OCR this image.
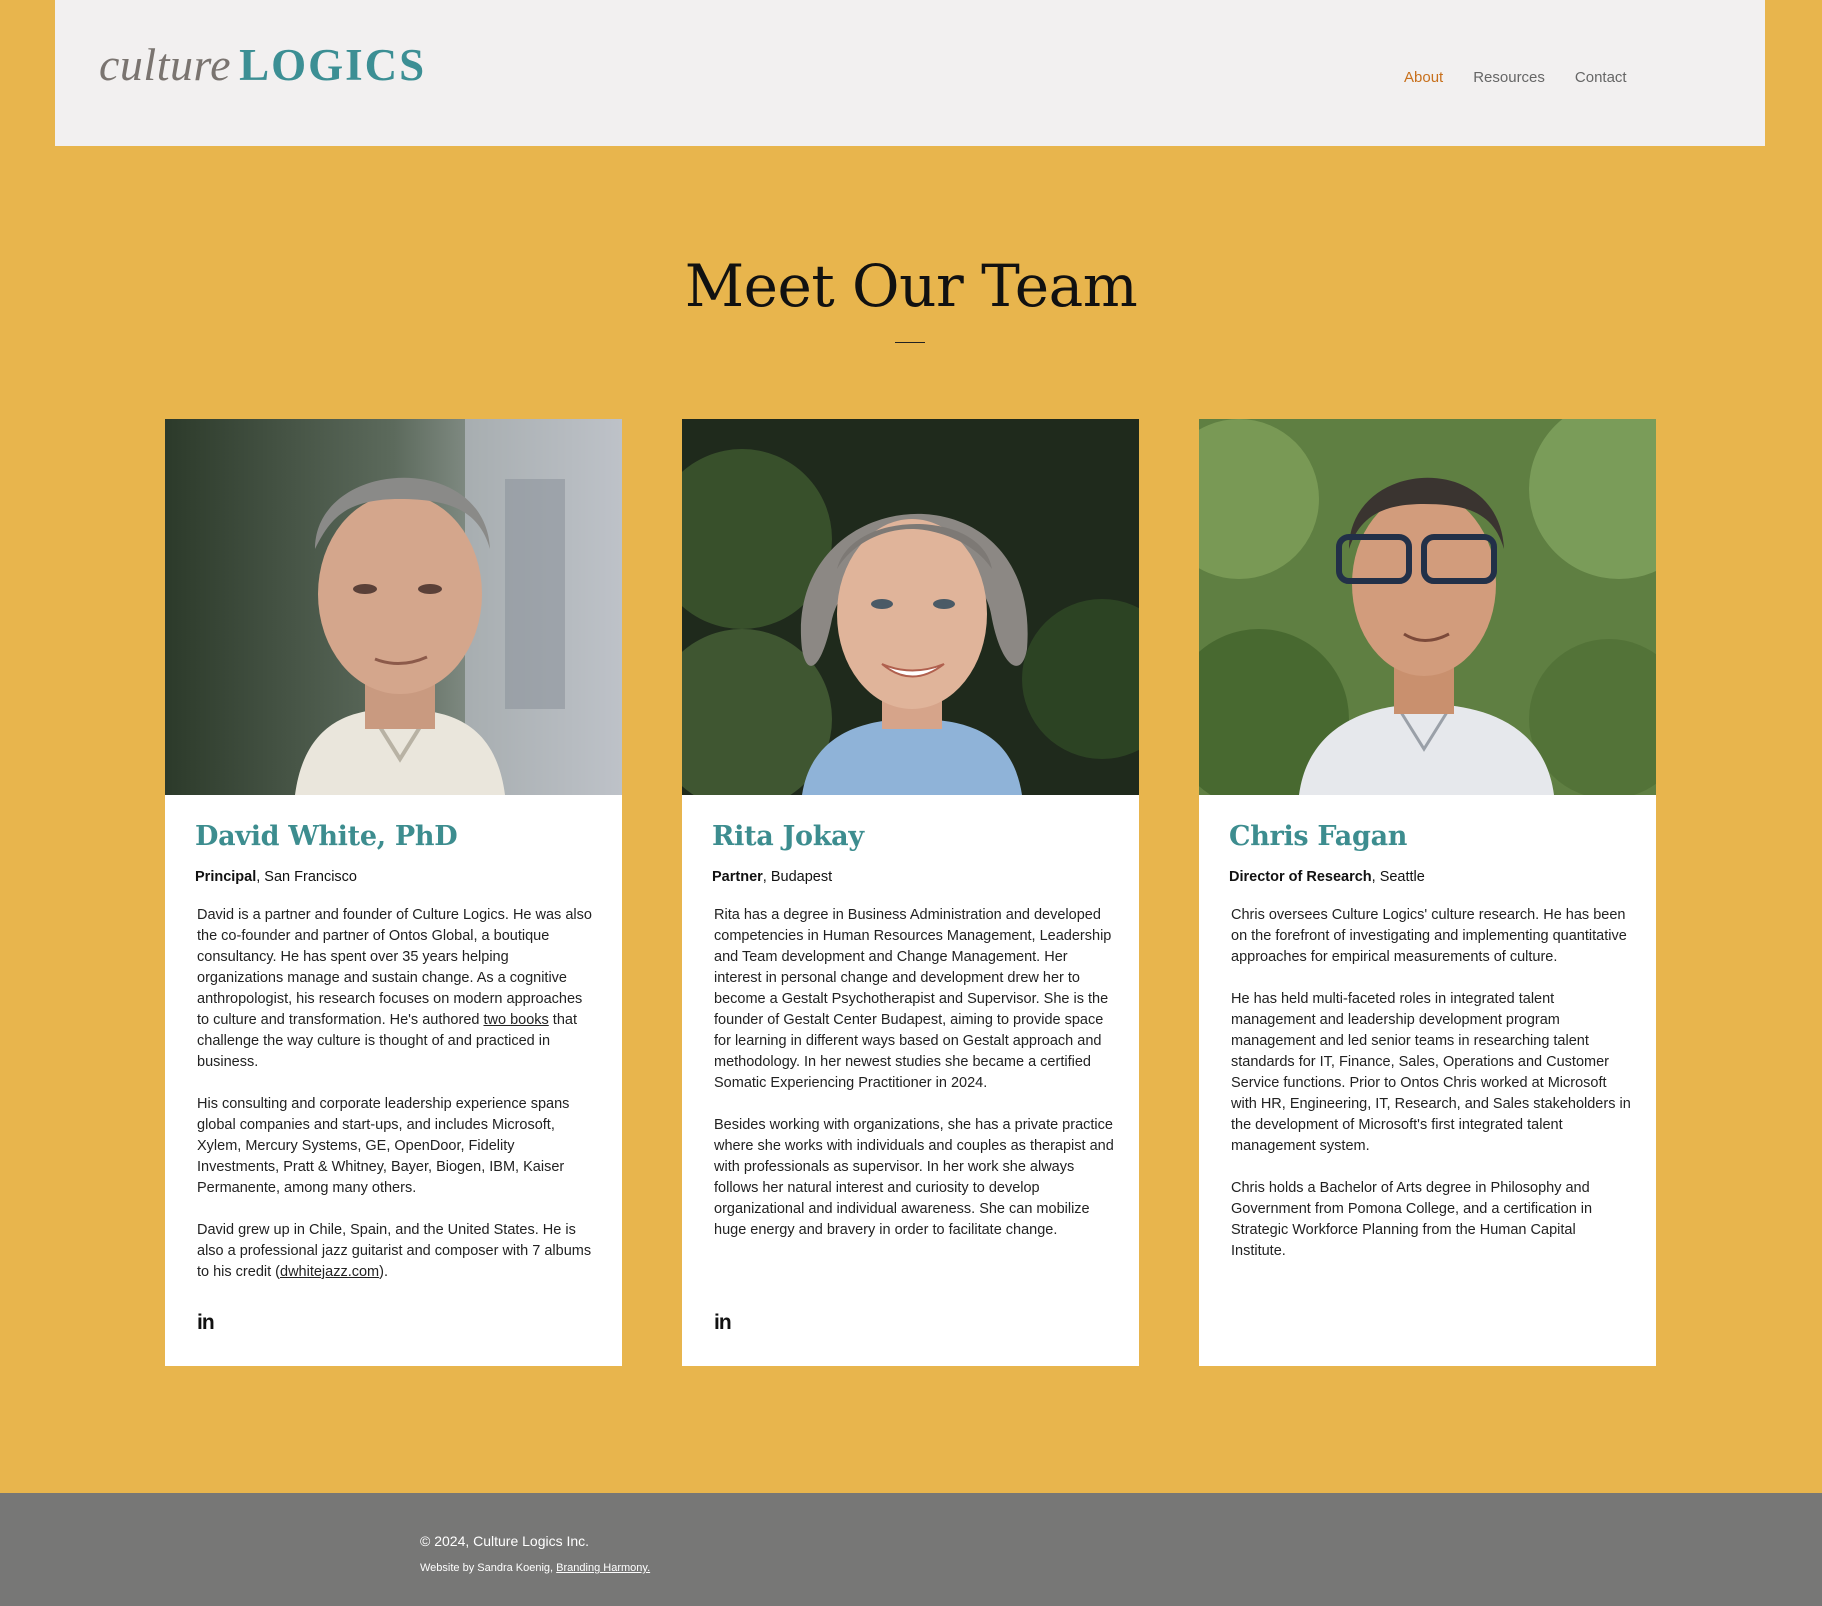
culture LOGICS	About Resources Contact
Meet Our Team
David White, PhD
Principal, San Francisco

David is a partner and founder of Culture Logics. He was also the co-founder and partner of Ontos Global, a boutique consultancy. He has spent over 35 years helping organizations manage and sustain change. As a cognitive anthropologist, his research focuses on modern approaches to culture and transformation. He's authored two books that challenge the way culture is thought of and practiced in business.

His consulting and corporate leadership experience spans global companies and start-ups, and includes Microsoft, Xylem, Mercury Systems, GE, OpenDoor, Fidelity Investments, Pratt & Whitney, Bayer, Biogen, IBM, Kaiser Permanente, among many others.

David grew up in Chile, Spain, and the United States. He is also a professional jazz guitarist and composer with 7 albums to his credit (dwhitejazz.com).

in
Rita Jokay
Partner, Budapest

Rita has a degree in Business Administration and developed competencies in Human Resources Management, Leadership and Team development and Change Management. Her interest in personal change and development drew her to become a Gestalt Psychotherapist and Supervisor. She is the founder of Gestalt Center Budapest, aiming to provide space for learning in different ways based on Gestalt approach and methodology. In her newest studies she became a certified Somatic Experiencing Practitioner in 2024.

Besides working with organizations, she has a private practice where she works with individuals and couples as therapist and with professionals as supervisor. In her work she always follows her natural interest and curiosity to develop organizational and individual awareness. She can mobilize huge energy and bravery in order to facilitate change.

in
Chris Fagan
Director of Research, Seattle

Chris oversees Culture Logics' culture research. He has been on the forefront of investigating and implementing quantitative approaches for empirical measurements of culture.

He has held multi-faceted roles in integrated talent management and leadership development program management and led senior teams in researching talent standards for IT, Finance, Sales, Operations and Customer Service functions. Prior to Ontos Chris worked at Microsoft with HR, Engineering, IT, Research, and Sales stakeholders in the development of Microsoft's first integrated talent management system.

Chris holds a Bachelor of Arts degree in Philosophy and Government from Pomona College, and a certification in Strategic Workforce Planning from the Human Capital Institute.

© 2024, Culture Logics Inc.
Website by Sandra Koenig, Branding Harmony.
